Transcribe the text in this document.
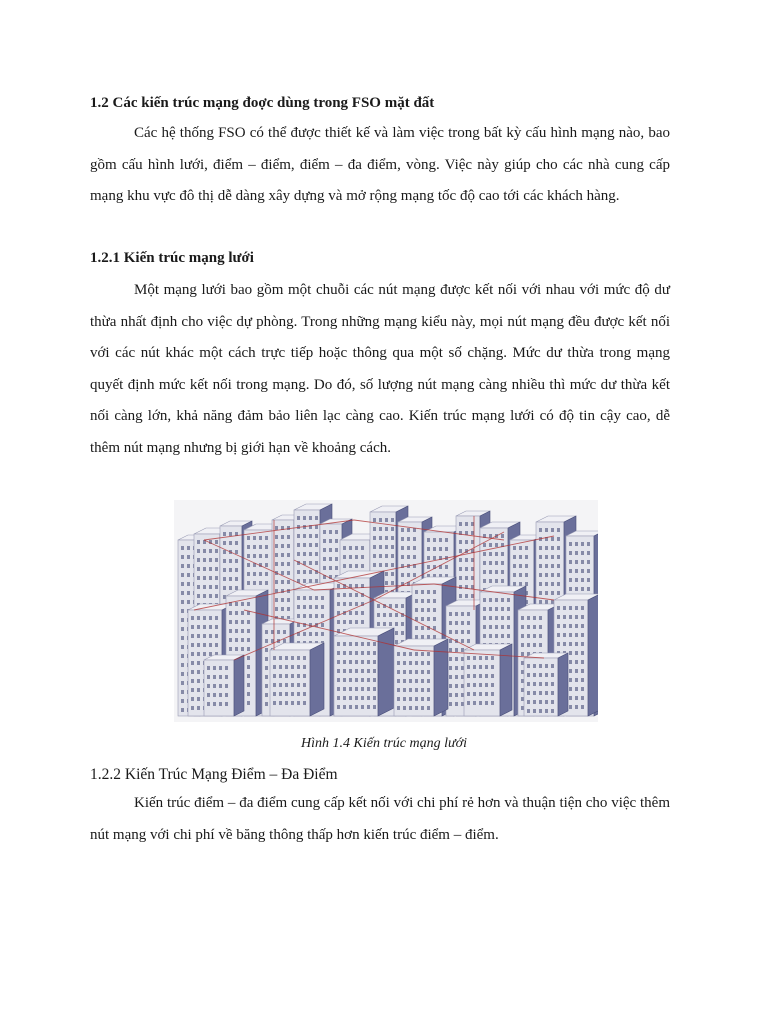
1.2 Các kiến trúc mạng đoợc dùng trong FSO mặt đất

Các hệ thống FSO có thể được thiết kế và làm việc trong bất kỳ cấu hình mạng nào, bao gồm cấu hình lưới, điểm – điểm, điểm – đa điểm, vòng. Việc này giúp cho các nhà cung cấp mạng khu vực đô thị dễ dàng xây dựng và mở rộng mạng tốc độ cao tới các khách hàng.

1.2.1 Kiến trúc mạng lưới

Một mạng lưới bao gồm một chuỗi các nút mạng được kết nối với nhau với mức độ dư thừa nhất định cho việc dự phòng. Trong những mạng kiểu này, mọi nút mạng đều được kết nối với các nút khác một cách trực tiếp hoặc thông qua một số chặng. Mức dư thừa trong mạng quyết định mức kết nối trong mạng. Do đó, số lượng nút mạng càng nhiều thì mức dư thừa kết nối càng lớn, khả năng đảm bảo liên lạc càng cao. Kiến trúc mạng lưới có độ tin cậy cao, dễ thêm nút mạng nhưng bị giới hạn về khoảng cách.

Hình 1.4 Kiến trúc mạng lưới

1.2.2 Kiến Trúc Mạng Điểm – Đa Điểm

Kiến trúc điểm – đa điểm cung cấp kết nối với chi phí rẻ hơn và thuận tiện cho việc thêm nút mạng với chi phí về băng thông thấp hơn kiến trúc điểm – điểm.
